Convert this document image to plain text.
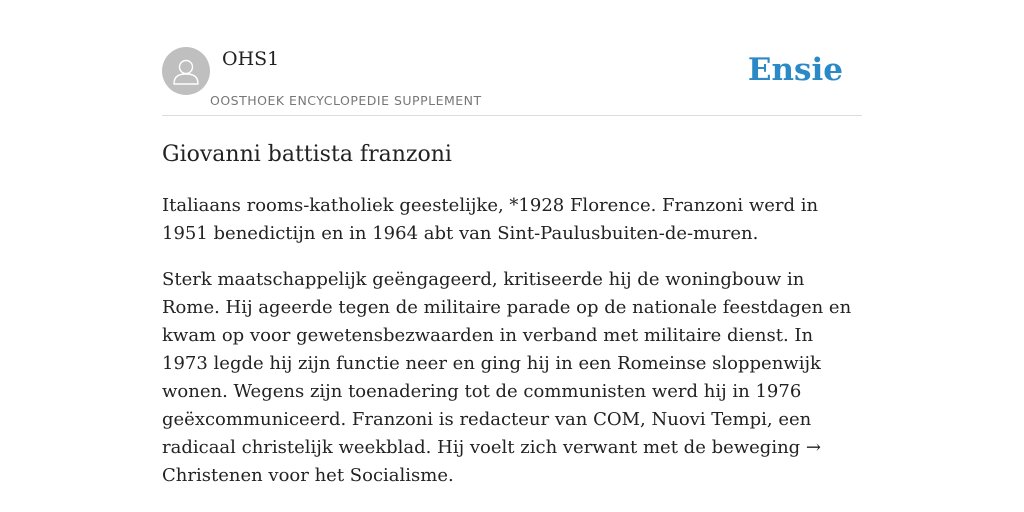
OHS1
OOSTHOEK ENCYCLOPEDIE SUPPLEMENT
Ensie
Giovanni battista franzoni

Italiaans rooms-katholiek geestelijke, *1928 Florence. Franzoni werd in 1951 benedictijn en in 1964 abt van Sint-Paulusbuiten-de-muren.

Sterk maatschappelijk geëngageerd, kritiseerde hij de woningbouw in Rome. Hij ageerde tegen de militaire parade op de nationale feestdagen en kwam op voor gewetensbezwaarden in verband met militaire dienst. In 1973 legde hij zijn functie neer en ging hij in een Romeinse sloppenwijk wonen. Wegens zijn toenadering tot de communisten werd hij in 1976 geëxcommuniceerd. Franzoni is redacteur van COM, Nuovi Tempi, een radicaal christelijk weekblad. Hij voelt zich verwant met de beweging → Christenen voor het Socialisme.
